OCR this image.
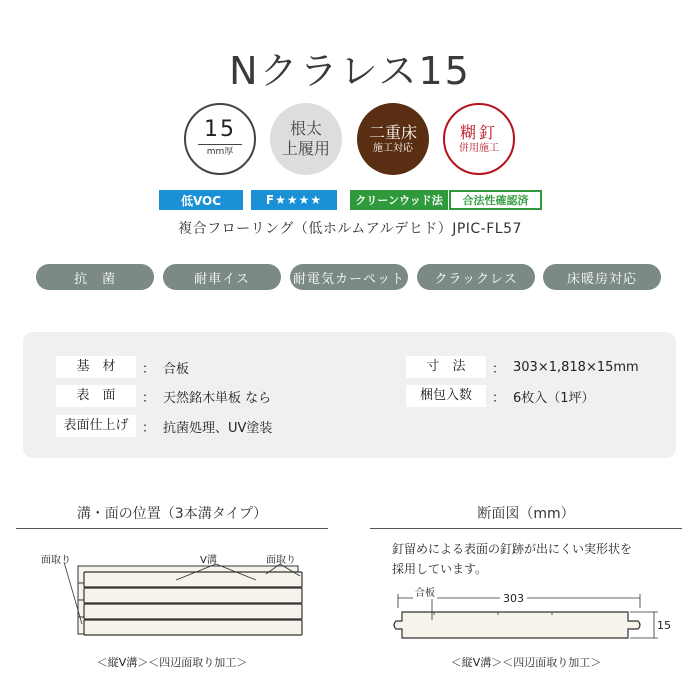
Nクラレス15
15
mm厚
根太
上履用
二重床
施工対応
糊釘
併用施工
低VOC	F★★★★	クリーンウッド法	合法性確認済
複合フローリング（低ホルムアルデヒド）JPIC-FL57
抗　菌	耐車イス	耐電気カーペット	クラックレス	床暖房対応
基　材	： 合板
表　面	： 天然銘木単板 なら
表面仕上げ	： 抗菌処理、UV塗装
寸　法	： 303×1,818×15mm
梱包入数	： 6枚入（1坪）
溝・面の位置（3本溝タイプ）	断面図（mm）
面取り	V溝	面取り
＜縦V溝＞＜四辺面取り加工＞
釘留めによる表面の釘跡が出にくい実形状を
採用しています。
合板	303
15
＜縦V溝＞＜四辺面取り加工＞
